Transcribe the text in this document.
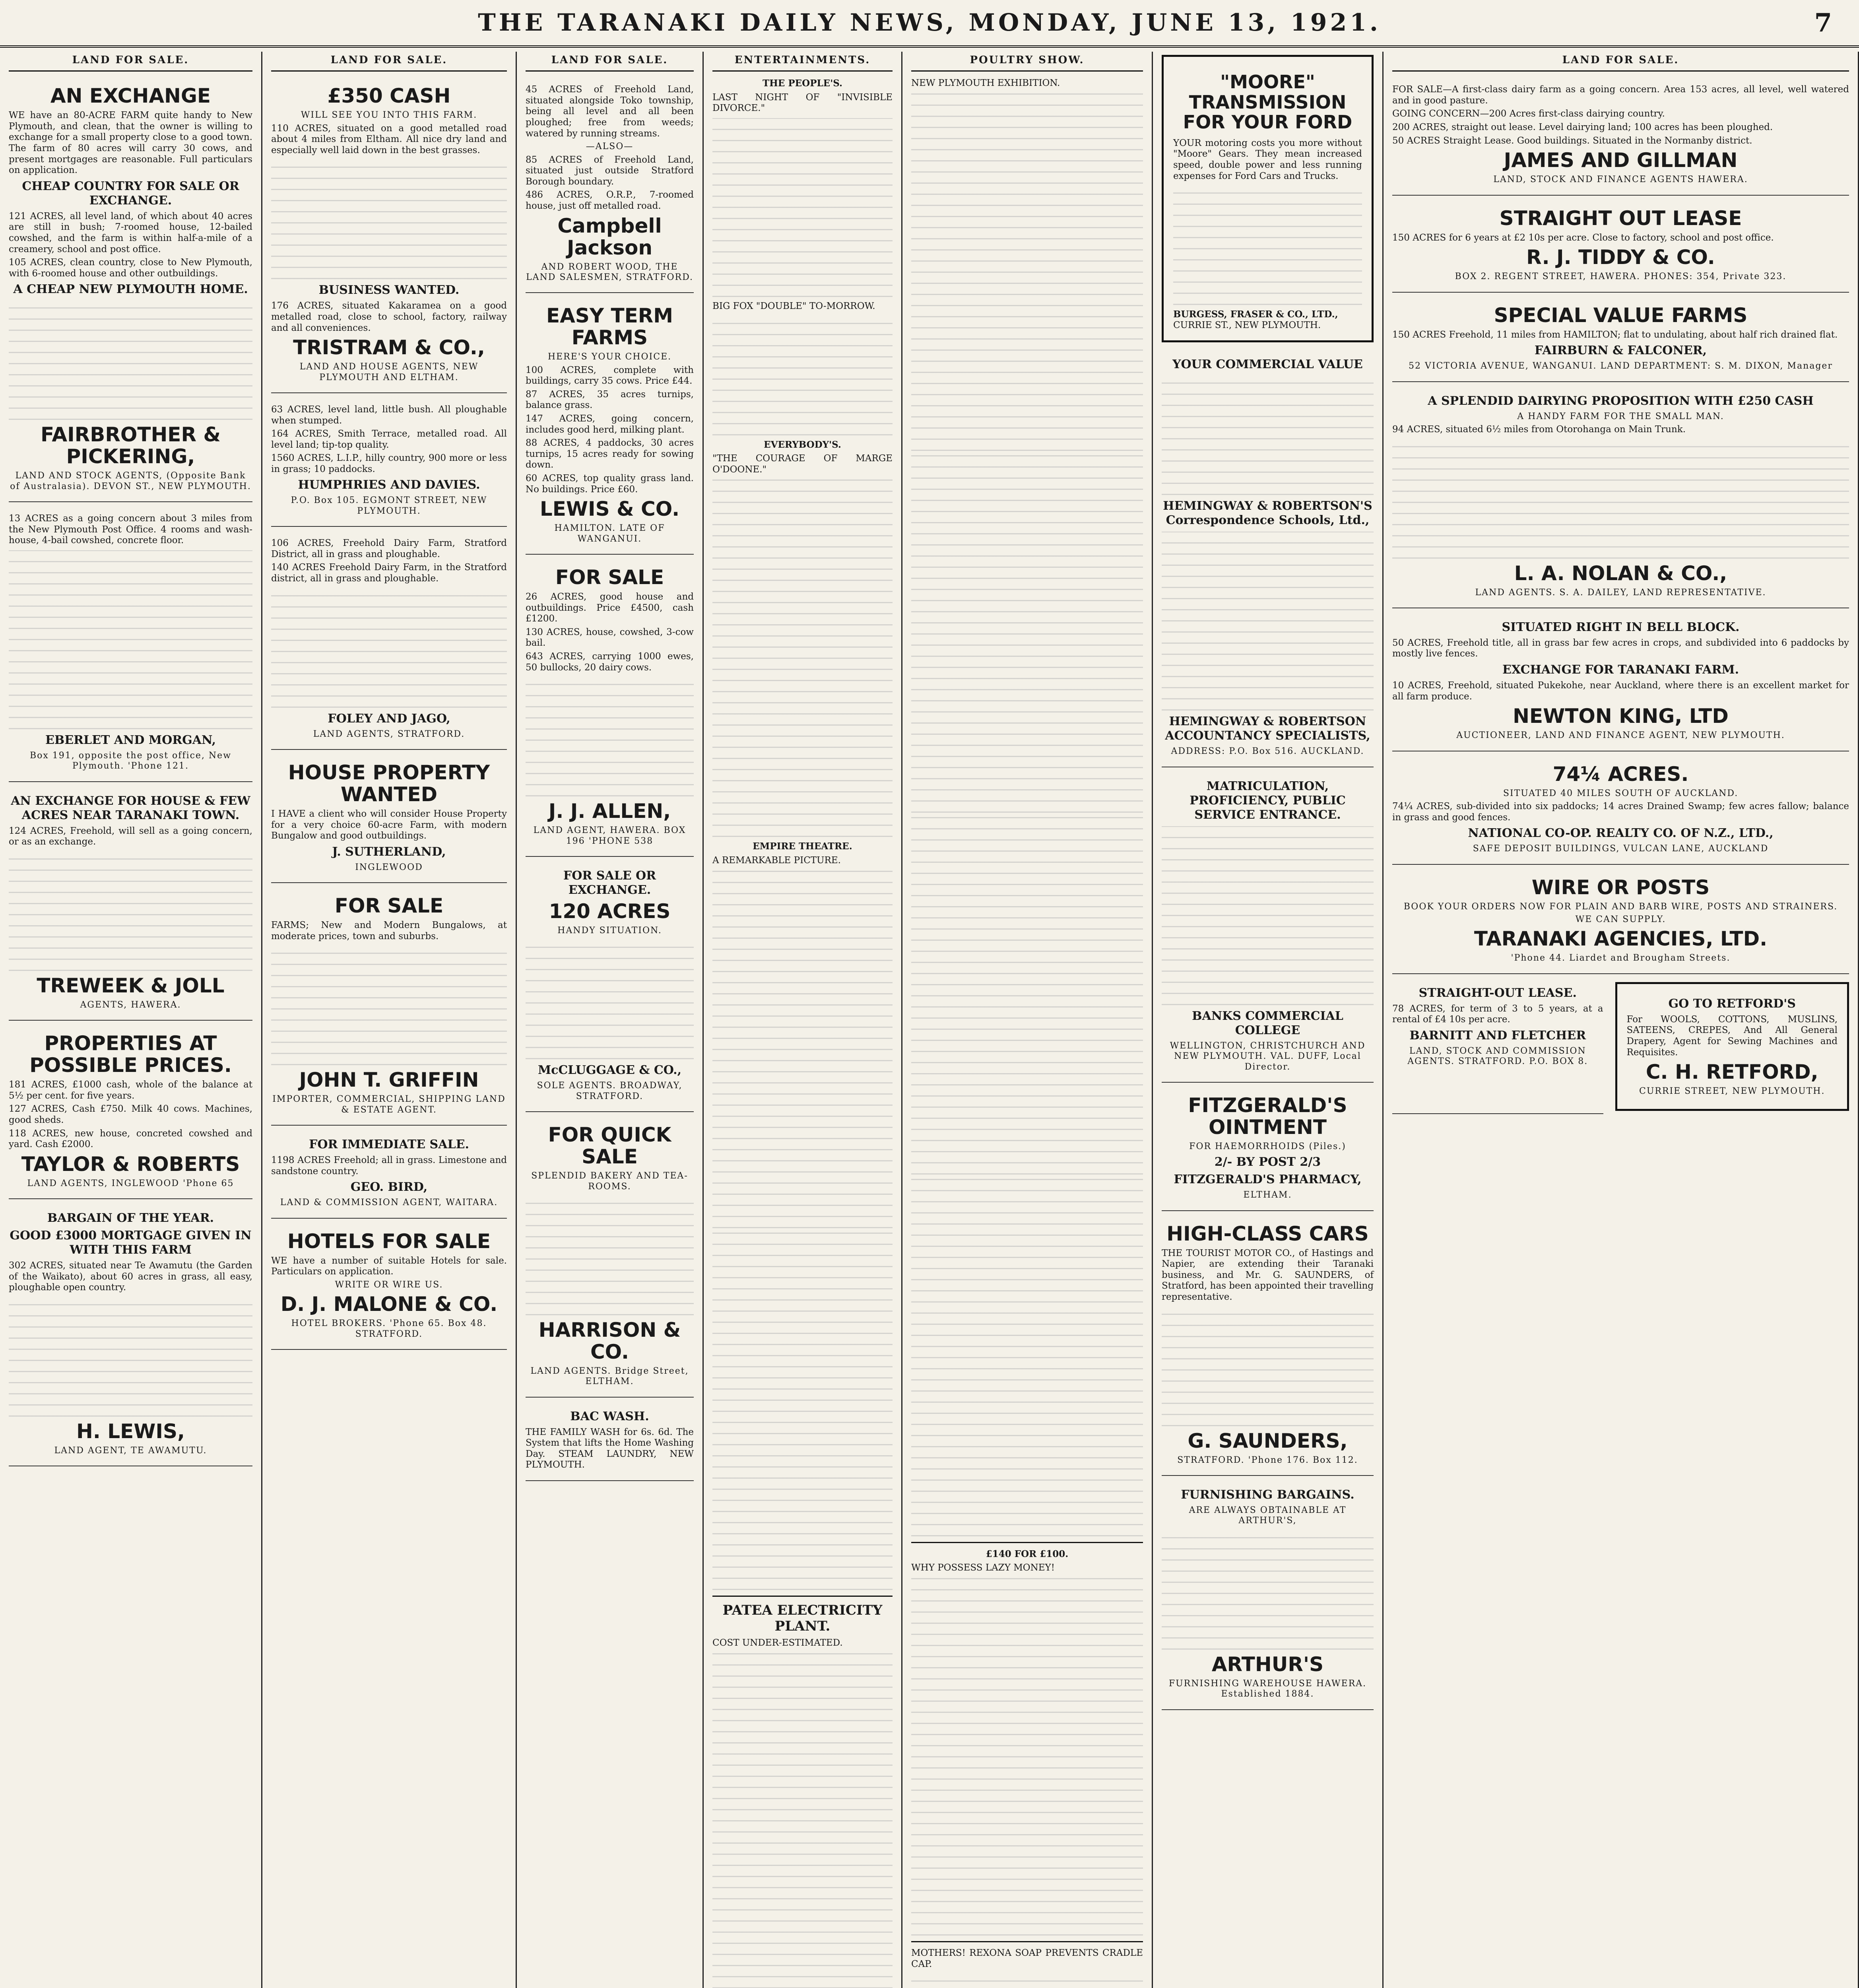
THE TARANAKI DAILY NEWS, MONDAY, JUNE 13, 1921.	7
LAND FOR SALE.
AN EXCHANGE

WE have an 80-ACRE FARM quite handy to New Plymouth, and clean, that the owner is willing to exchange for a small property close to a good town. The farm of 80 acres will carry 30 cows, and present mortgages are reasonable. Full particulars on application.

CHEAP COUNTRY FOR SALE OR EXCHANGE.

121 ACRES, all level land, of which about 40 acres are still in bush; 7-roomed house, 12-bailed cowshed, and the farm is within half-a-mile of a creamery, school and post office.

105 ACRES, clean country, close to New Plymouth, with 6-roomed house and other outbuildings.

A CHEAP NEW PLYMOUTH HOME.
FAIRBROTHER & PICKERING,

LAND AND STOCK AGENTS, (Opposite Bank of Australasia). DEVON ST., NEW PLYMOUTH.

13 ACRES as a going concern about 3 miles from the New Plymouth Post Office. 4 rooms and wash-house, 4-bail cowshed, concrete floor.

EBERLET AND MORGAN,

Box 191, opposite the post office, New Plymouth. 'Phone 121.

AN EXCHANGE FOR HOUSE & FEW ACRES NEAR TARANAKI TOWN.

124 ACRES, Freehold, will sell as a going concern, or as an exchange.

TREWEEK & JOLL

AGENTS, HAWERA.

PROPERTIES AT POSSIBLE PRICES.

181 ACRES, £1000 cash, whole of the balance at 5½ per cent. for five years.

127 ACRES, Cash £750. Milk 40 cows. Machines, good sheds.

118 ACRES, new house, concreted cowshed and yard. Cash £2000.

TAYLOR & ROBERTS

LAND AGENTS, INGLEWOOD 'Phone 65

BARGAIN OF THE YEAR.
GOOD £3000 MORTGAGE GIVEN IN WITH THIS FARM

302 ACRES, situated near Te Awamutu (the Garden of the Waikato), about 60 acres in grass, all easy, ploughable open country.

H. LEWIS,

LAND AGENT, TE AWAMUTU.

LAND FOR SALE.
£350 CASH

WILL SEE YOU INTO THIS FARM.

110 ACRES, situated on a good metalled road about 4 miles from Eltham. All nice dry land and especially well laid down in the best grasses.

BUSINESS WANTED.

176 ACRES, situated Kakaramea on a good metalled road, close to school, factory, railway and all conveniences.

TRISTRAM & CO.,

LAND AND HOUSE AGENTS, NEW PLYMOUTH AND ELTHAM.

63 ACRES, level land, little bush. All ploughable when stumped.

164 ACRES, Smith Terrace, metalled road. All level land; tip-top quality.

1560 ACRES, L.I.P., hilly country, 900 more or less in grass; 10 paddocks.

HUMPHRIES AND DAVIES.

P.O. Box 105. EGMONT STREET, NEW PLYMOUTH.

106 ACRES, Freehold Dairy Farm, Stratford District, all in grass and ploughable.

140 ACRES Freehold Dairy Farm, in the Stratford district, all in grass and ploughable.

FOLEY AND JAGO,

LAND AGENTS, STRATFORD.

HOUSE PROPERTY WANTED

I HAVE a client who will consider House Property for a very choice 60-acre Farm, with modern Bungalow and good outbuildings.

J. SUTHERLAND,

INGLEWOOD

FOR SALE

FARMS; New and Modern Bungalows, at moderate prices, town and suburbs.

JOHN T. GRIFFIN

IMPORTER, COMMERCIAL, SHIPPING LAND & ESTATE AGENT.

FOR IMMEDIATE SALE.

1198 ACRES Freehold; all in grass. Limestone and sandstone country.

GEO. BIRD,

LAND & COMMISSION AGENT, WAITARA.

HOTELS FOR SALE

WE have a number of suitable Hotels for sale. Particulars on application.

WRITE OR WIRE US.

D. J. MALONE & CO.

HOTEL BROKERS. 'Phone 65. Box 48. STRATFORD.

LAND FOR SALE.

45 ACRES of Freehold Land, situated alongside Toko township, being all level and all been ploughed; free from weeds; watered by running streams.

—ALSO—

85 ACRES of Freehold Land, situated just outside Stratford Borough boundary.

486 ACRES, O.R.P., 7-roomed house, just off metalled road.

Campbell Jackson

AND ROBERT WOOD, THE LAND SALESMEN, STRATFORD.

EASY TERM FARMS

HERE'S YOUR CHOICE.

100 ACRES, complete with buildings, carry 35 cows. Price £44.

87 ACRES, 35 acres turnips, balance grass.

147 ACRES, going concern, includes good herd, milking plant.

88 ACRES, 4 paddocks, 30 acres turnips, 15 acres ready for sowing down.

60 ACRES, top quality grass land. No buildings. Price £60.

LEWIS & CO.

HAMILTON. LATE OF WANGANUI.

FOR SALE

26 ACRES, good house and outbuildings. Price £4500, cash £1200.

130 ACRES, house, cowshed, 3-cow bail.

643 ACRES, carrying 1000 ewes, 50 bullocks, 20 dairy cows.

J. J. ALLEN,

LAND AGENT, HAWERA. BOX 196 'PHONE 538

FOR SALE OR EXCHANGE.
120 ACRES

HANDY SITUATION.

McCLUGGAGE & CO.,

SOLE AGENTS. BROADWAY, STRATFORD.

FOR QUICK SALE

SPLENDID BAKERY AND TEA-ROOMS.

HARRISON & CO.

LAND AGENTS. Bridge Street, ELTHAM.

BAC WASH.

THE FAMILY WASH for 6s. 6d. The System that lifts the Home Washing Day. STEAM LAUNDRY, NEW PLYMOUTH.

ENTERTAINMENTS.
THE PEOPLE'S.

LAST NIGHT OF "INVISIBLE DIVORCE."

BIG FOX "DOUBLE" TO-MORROW.

EVERYBODY'S.

"THE COURAGE OF MARGE O'DOONE."

EMPIRE THEATRE.

A REMARKABLE PICTURE.

PATEA ELECTRICITY PLANT.

COST UNDER-ESTIMATED.

POULTRY SHOW.

NEW PLYMOUTH EXHIBITION.

£140 FOR £100.

WHY POSSESS LAZY MONEY!

MOTHERS! REXONA SOAP PREVENTS CRADLE CAP.

"MOORE" TRANSMISSION FOR YOUR FORD

YOUR motoring costs you more without "Moore" Gears. They mean increased speed, double power and less running expenses for Ford Cars and Trucks.

BURGESS, FRASER & CO., LTD.,

CURRIE ST., NEW PLYMOUTH.

YOUR COMMERCIAL VALUE
HEMINGWAY & ROBERTSON'S Correspondence Schools, Ltd.,
HEMINGWAY & ROBERTSON ACCOUNTANCY SPECIALISTS,

ADDRESS: P.O. Box 516. AUCKLAND.

MATRICULATION, PROFICIENCY, PUBLIC SERVICE ENTRANCE.
BANKS COMMERCIAL COLLEGE

WELLINGTON, CHRISTCHURCH AND NEW PLYMOUTH. VAL. DUFF, Local Director.

FITZGERALD'S OINTMENT

FOR HAEMORRHOIDS (Piles.)

2/- BY POST 2/3
FITZGERALD'S PHARMACY,

ELTHAM.

HIGH-CLASS CARS

THE TOURIST MOTOR CO., of Hastings and Napier, are extending their Taranaki business, and Mr. G. SAUNDERS, of Stratford, has been appointed their travelling representative.

G. SAUNDERS,

STRATFORD. 'Phone 176. Box 112.

FURNISHING BARGAINS.

ARE ALWAYS OBTAINABLE AT ARTHUR'S,

ARTHUR'S

FURNISHING WAREHOUSE HAWERA. Established 1884.

LAND FOR SALE.

FOR SALE—A first-class dairy farm as a going concern. Area 153 acres, all level, well watered and in good pasture.

GOING CONCERN—200 Acres first-class dairying country.

200 ACRES, straight out lease. Level dairying land; 100 acres has been ploughed.

50 ACRES Straight Lease. Good buildings. Situated in the Normanby district.

JAMES AND GILLMAN

LAND, STOCK AND FINANCE AGENTS HAWERA.

STRAIGHT OUT LEASE

150 ACRES for 6 years at £2 10s per acre. Close to factory, school and post office.

R. J. TIDDY & CO.

BOX 2. REGENT STREET, HAWERA. PHONES: 354, Private 323.

SPECIAL VALUE FARMS

150 ACRES Freehold, 11 miles from HAMILTON; flat to undulating, about half rich drained flat.

FAIRBURN & FALCONER,

52 VICTORIA AVENUE, WANGANUI. LAND DEPARTMENT: S. M. DIXON, Manager

A SPLENDID DAIRYING PROPOSITION WITH £250 CASH

A HANDY FARM FOR THE SMALL MAN.

94 ACRES, situated 6½ miles from Otorohanga on Main Trunk.

L. A. NOLAN & CO.,

LAND AGENTS. S. A. DAILEY, LAND REPRESENTATIVE.

SITUATED RIGHT IN BELL BLOCK.

50 ACRES, Freehold title, all in grass bar few acres in crops, and subdivided into 6 paddocks by mostly live fences.

EXCHANGE FOR TARANAKI FARM.

10 ACRES, Freehold, situated Pukekohe, near Auckland, where there is an excellent market for all farm produce.

NEWTON KING, LTD

AUCTIONEER, LAND AND FINANCE AGENT, NEW PLYMOUTH.

74¼ ACRES.

SITUATED 40 MILES SOUTH OF AUCKLAND.

74¼ ACRES, sub-divided into six paddocks; 14 acres Drained Swamp; few acres fallow; balance in grass and good fences.

NATIONAL CO-OP. REALTY CO. OF N.Z., LTD.,

SAFE DEPOSIT BUILDINGS, VULCAN LANE, AUCKLAND

WIRE OR POSTS

BOOK YOUR ORDERS NOW FOR PLAIN AND BARB WIRE, POSTS AND STRAINERS.

WE CAN SUPPLY.

TARANAKI AGENCIES, LTD.

'Phone 44. Liardet and Brougham Streets.

STRAIGHT-OUT LEASE.

78 ACRES, for term of 3 to 5 years, at a rental of £4 10s per acre.

BARNITT AND FLETCHER

LAND, STOCK AND COMMISSION AGENTS. STRATFORD. P.O. BOX 8.

GO TO RETFORD'S

For WOOLS, COTTONS, MUSLINS, SATEENS, CREPES, And All General Drapery, Agent for Sewing Machines and Requisites.

C. H. RETFORD,

CURRIE STREET, NEW PLYMOUTH.
